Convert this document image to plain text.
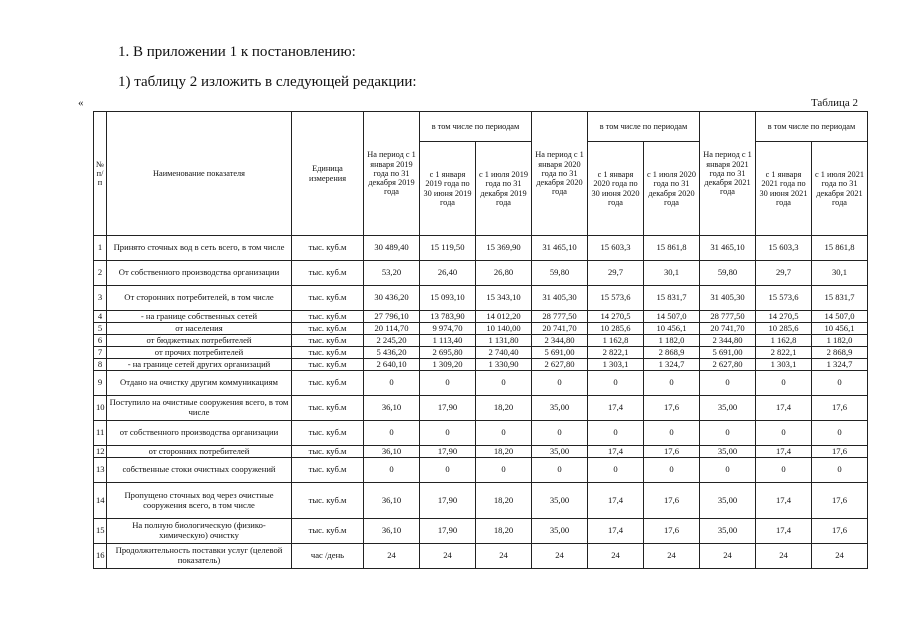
1. В приложении 1 к постановлению:
1) таблицу 2 изложить в следующей редакции:
«	Таблица 2
№ п/п	Наименование показателя	Единица измерения	На период с 1 января 2019 года по 31 декабря 2019 года	в том числе по периодам		На период с 1 января 2020 года по 31 декабря 2020 года	в том числе по периодам		На период с 1 января 2021 года по 31 декабря 2021 года	в том числе по периодам	
				с 1 января 2019 года по 30 июня 2019 года	с 1 июля 2019 года по 31 декабря 2019 года		с 1 января 2020 года по 30 июня 2020 года	с 1 июля 2020 года по 31 декабря 2020 года		с 1 января 2021 года по 30 июня 2021 года	с 1 июля 2021 года по 31 декабря 2021 года
1	Принято сточных вод в сеть всего, в том числе	тыс. куб.м	30 489,40	15 119,50	15 369,90	31 465,10	15 603,3	15 861,8	31 465,10	15 603,3	15 861,8
2	От собственного производства организации	тыс. куб.м	53,20	26,40	26,80	59,80	29,7	30,1	59,80	29,7	30,1
3	От сторонних потребителей, в том числе	тыс. куб.м	30 436,20	15 093,10	15 343,10	31 405,30	15 573,6	15 831,7	31 405,30	15 573,6	15 831,7
4	- на границе собственных сетей	тыс. куб.м	27 796,10	13 783,90	14 012,20	28 777,50	14 270,5	14 507,0	28 777,50	14 270,5	14 507,0
5	от населения	тыс. куб.м	20 114,70	9 974,70	10 140,00	20 741,70	10 285,6	10 456,1	20 741,70	10 285,6	10 456,1
6	от бюджетных потребителей	тыс. куб.м	2 245,20	1 113,40	1 131,80	2 344,80	1 162,8	1 182,0	2 344,80	1 162,8	1 182,0
7	от прочих потребителей	тыс. куб.м	5 436,20	2 695,80	2 740,40	5 691,00	2 822,1	2 868,9	5 691,00	2 822,1	2 868,9
8	- на границе сетей других организаций	тыс. куб.м	2 640,10	1 309,20	1 330,90	2 627,80	1 303,1	1 324,7	2 627,80	1 303,1	1 324,7
9	Отдано на очистку другим коммуникациям	тыс. куб.м	0	0	0	0	0	0	0	0	0
10	Поступило на очистные сооружения всего, в том числе	тыс. куб.м	36,10	17,90	18,20	35,00	17,4	17,6	35,00	17,4	17,6
11	от собственного производства организации	тыс. куб.м	0	0	0	0	0	0	0	0	0
12	от сторонних потребителей	тыс. куб.м	36,10	17,90	18,20	35,00	17,4	17,6	35,00	17,4	17,6
13	собственные стоки очистных сооружений	тыс. куб.м	0	0	0	0	0	0	0	0	0
14	Пропущено сточных вод через очистные сооружения всего, в том числе	тыс. куб.м	36,10	17,90	18,20	35,00	17,4	17,6	35,00	17,4	17,6
15	На полную биологическую (физико-химическую) очистку	тыс. куб.м	36,10	17,90	18,20	35,00	17,4	17,6	35,00	17,4	17,6
16	Продолжительность поставки услуг (целевой показатель)	час /день	24	24	24	24	24	24	24	24	24
